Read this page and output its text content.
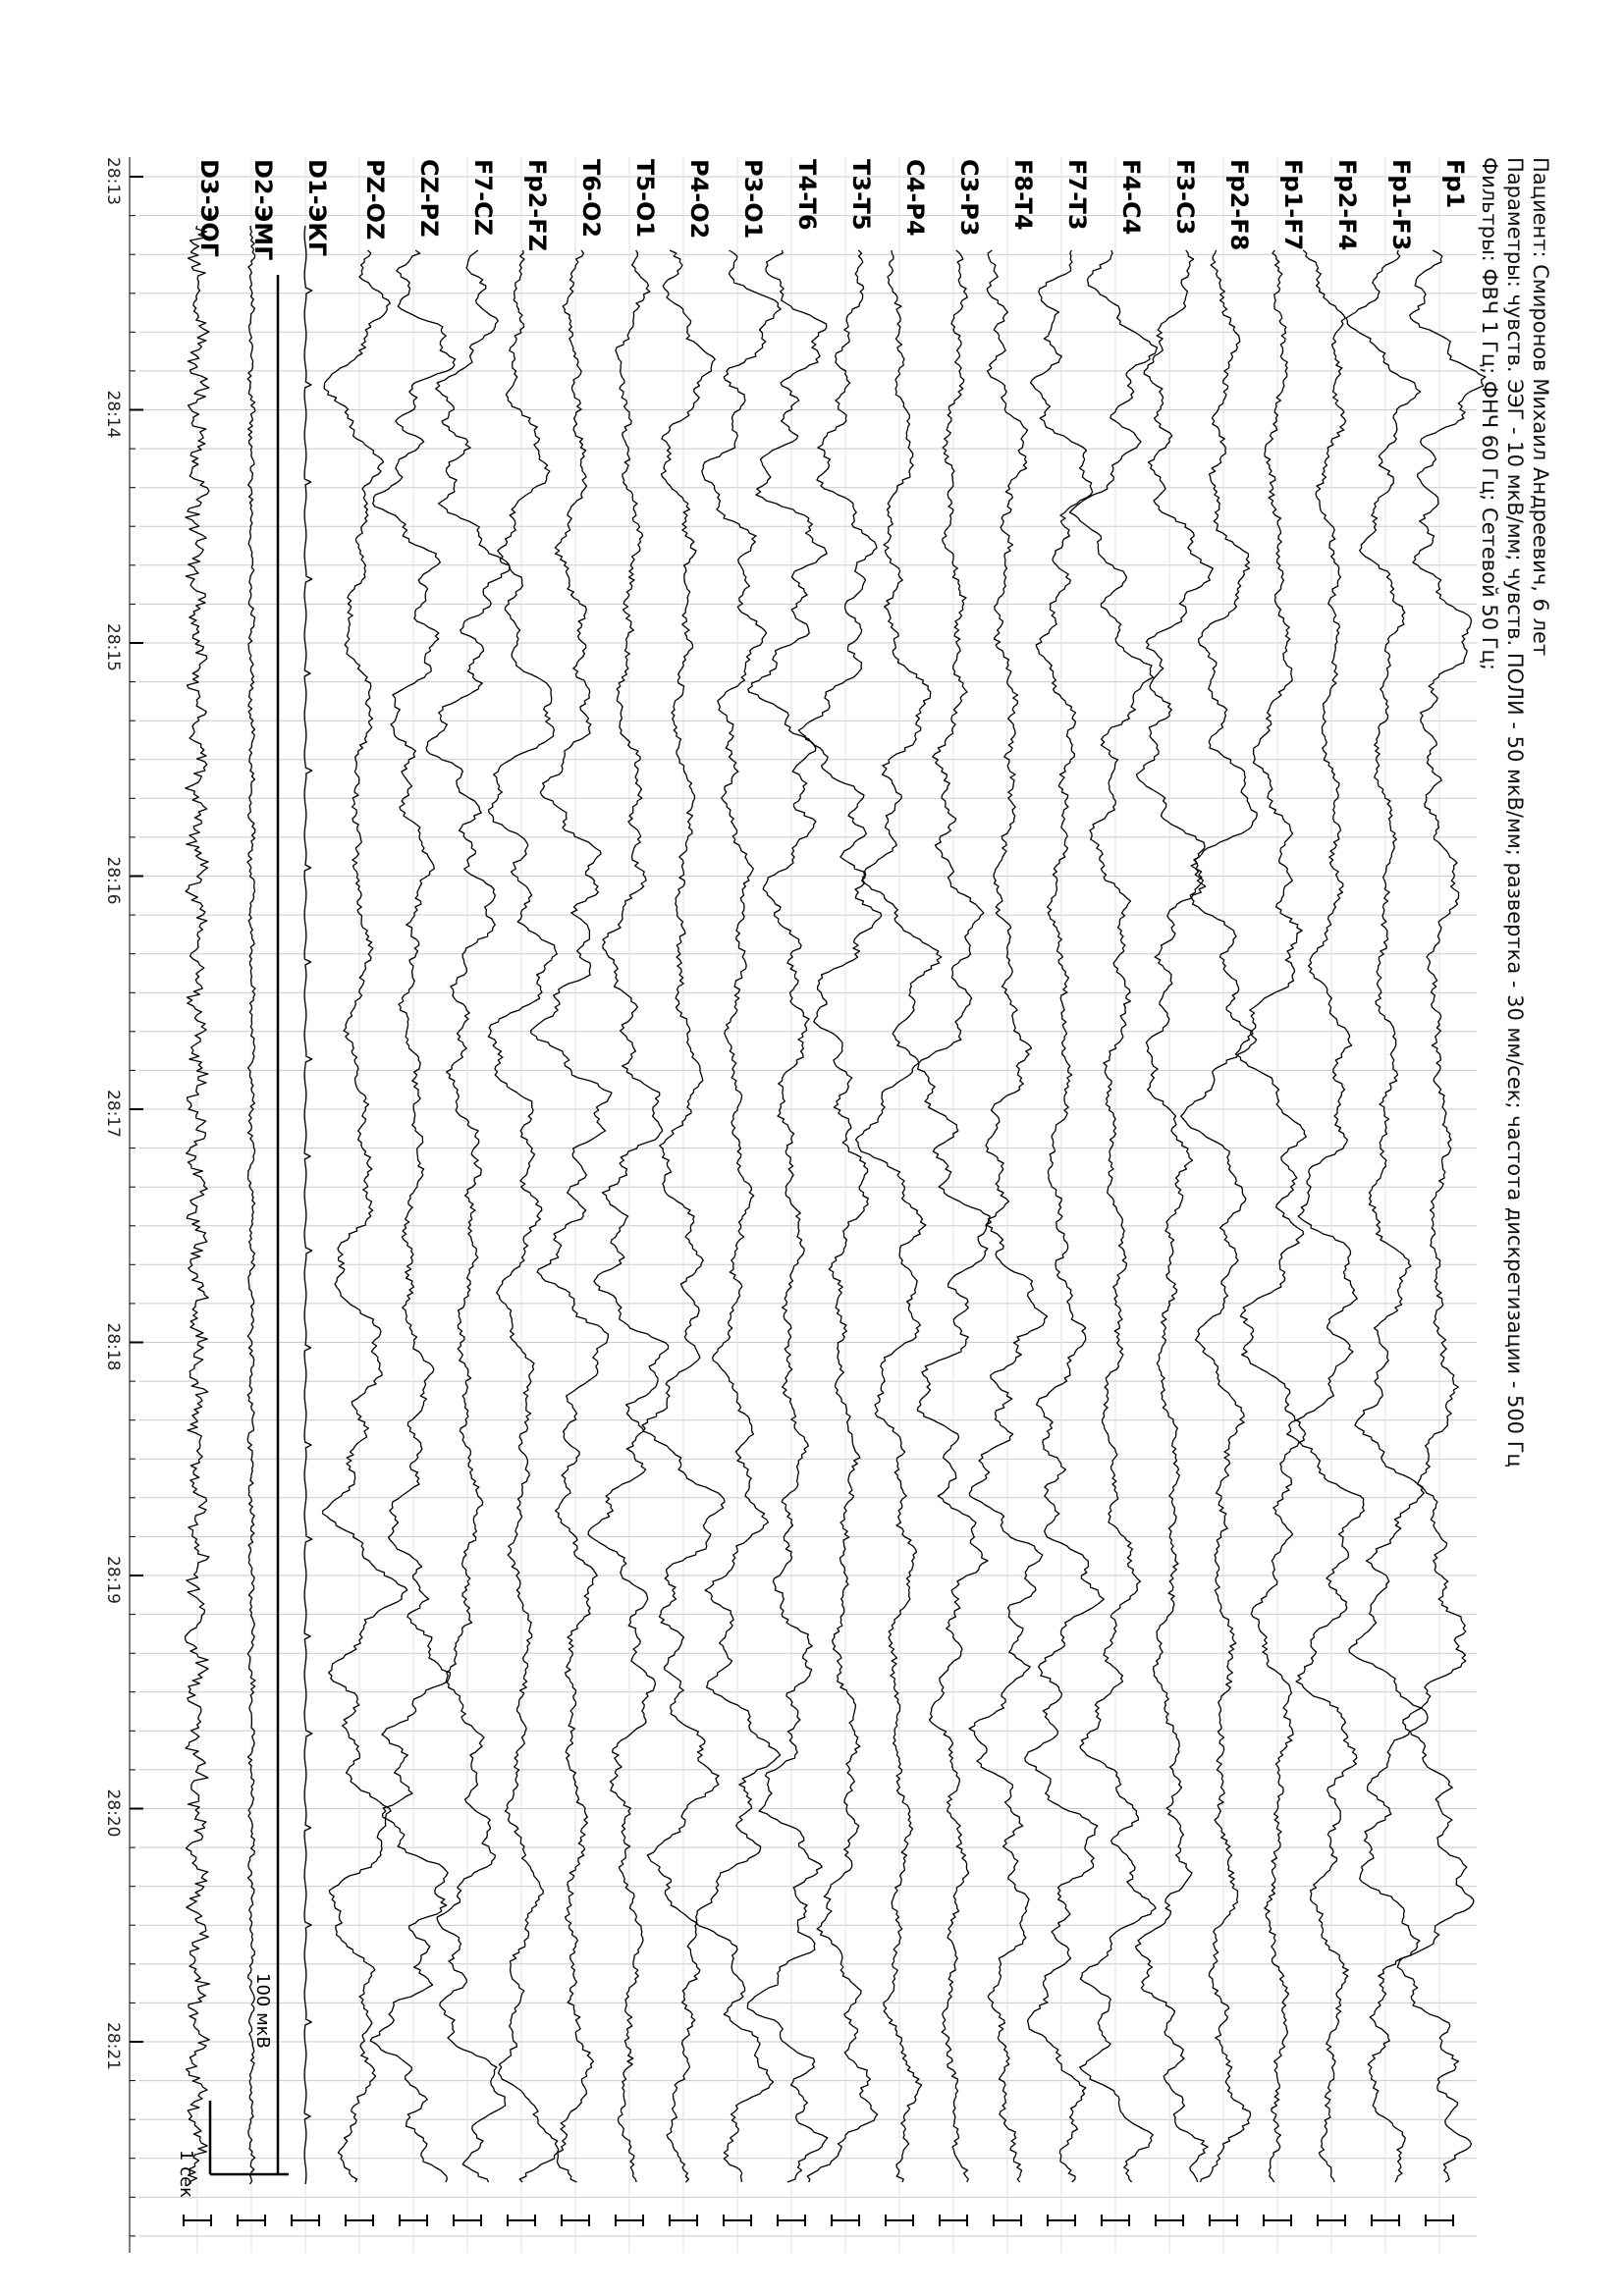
Fp1
Fp1-F3
Fp2-F4
Fp1-F7
Fp2-F8
F3-C3
F4-C4
F7-T3
F8-T4
C3-P3
C4-P4
T3-T5
T4-T6
P3-O1
P4-O2
T5-O1
T6-O2
Fp2-FZ
F7-CZ
CZ-PZ
PZ-OZ
D1-ЭКГ
D2-ЭМГ
D3-ЭОГ
28:13
28:14
28:15
28:16
28:17
28:18
28:19
28:20
28:21
Пациент: Смиронов Михаил Андреевич, 6 лет
Параметры: чувств. ЭЭГ - 10 мкВ/мм; чувств. ПОЛИ - 50 мкВ/мм; развертка - 30 мм/сек; частота дискретизации - 500 Гц
Фильтры: ФВЧ 1 Гц; ФНЧ 60 Гц; Сетевой 50 Гц;
100 мкВ
1 сек
